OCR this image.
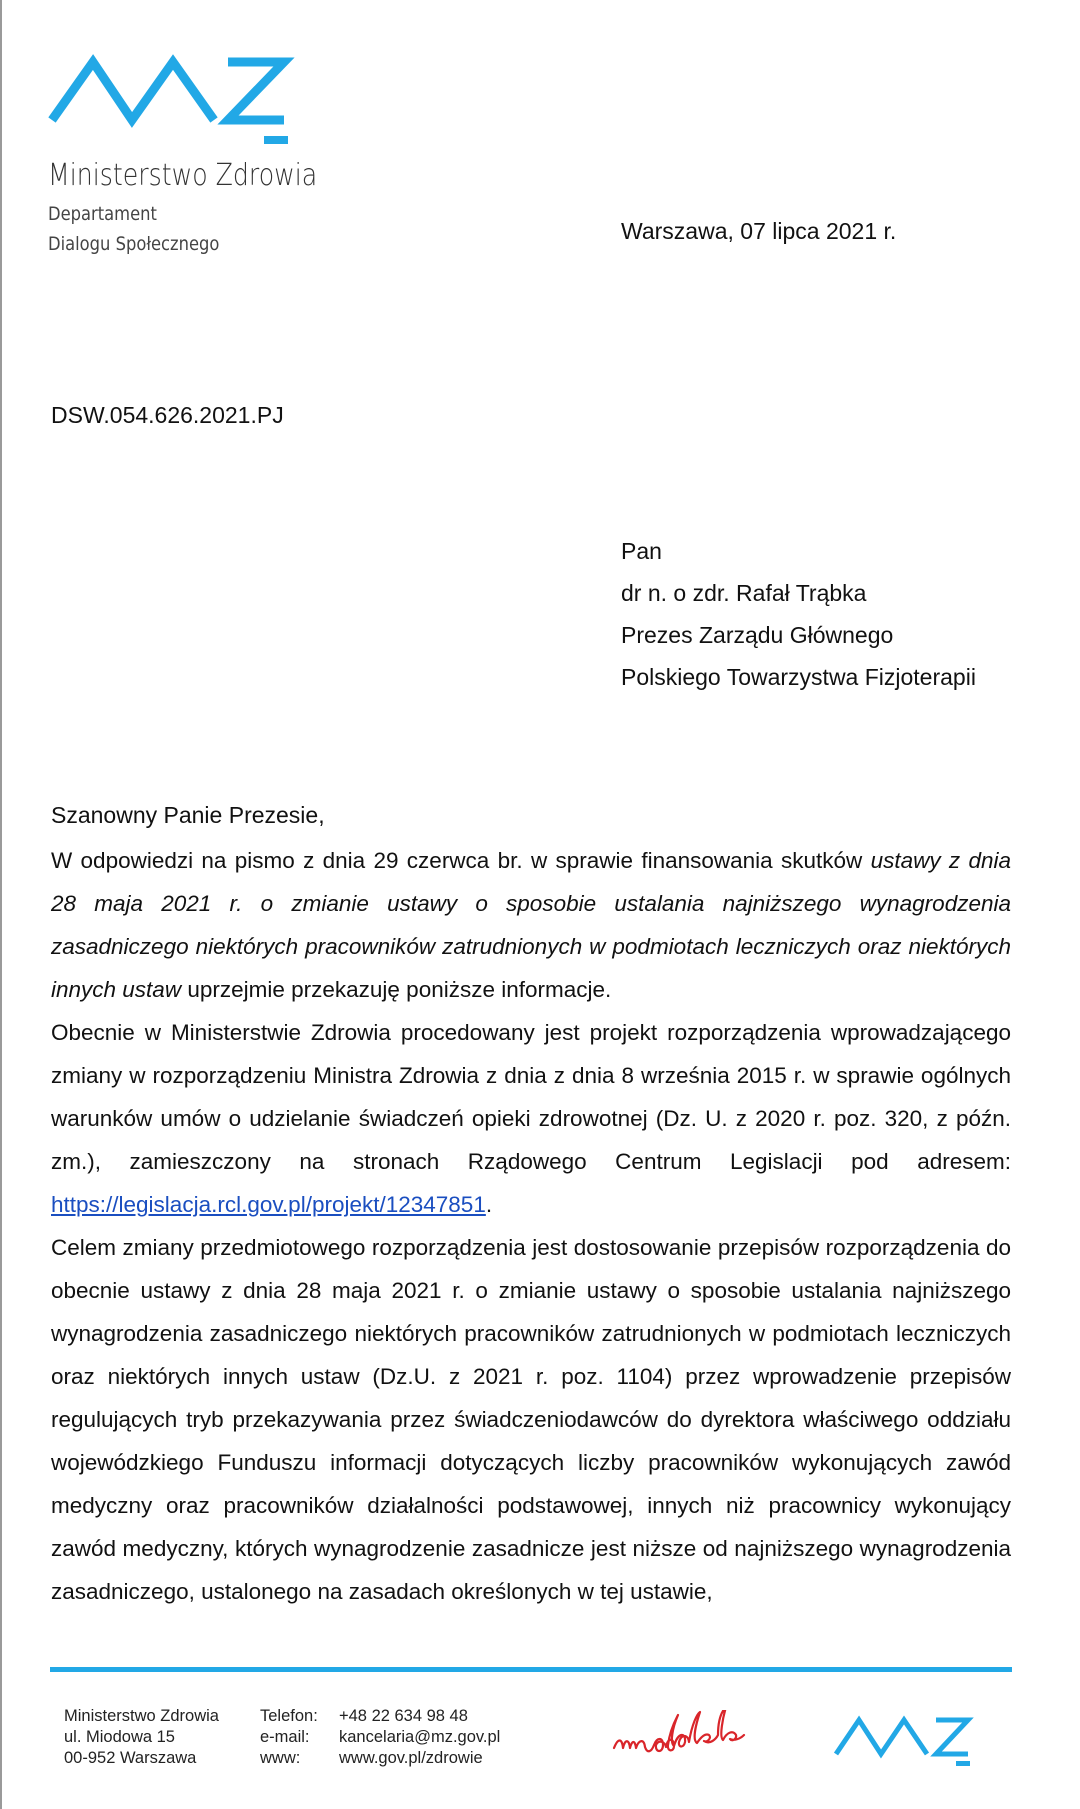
Ministerstwo Zdrowia
Departament
Dialogu Społecznego	Warszawa, 07 lipca 2021 r.
DSW.054.626.2021.PJ
Pan
dr n. o zdr. Rafał Trąbka
Prezes Zarządu Głównego
Polskiego Towarzystwa Fizjoterapii
Szanowny Panie Prezesie,

W odpowiedzi na pismo z dnia 29 czerwca br. w sprawie finansowania skutków ustawy z dnia 28 maja 2021 r. o zmianie ustawy o sposobie ustalania najniższego wynagrodzenia zasadniczego niektórych pracowników zatrudnionych w podmiotach leczniczych oraz niektórych innych ustaw uprzejmie przekazuję poniższe informacje.

Obecnie w Ministerstwie Zdrowia procedowany jest projekt rozporządzenia wprowadzającego zmiany w rozporządzeniu Ministra Zdrowia z dnia z dnia 8 września 2015 r. w sprawie ogólnych warunków umów o udzielanie świadczeń opieki zdrowotnej (Dz. U. z 2020 r. poz. 320, z późn. zm.), zamieszczony na stronach Rządowego Centrum Legislacji pod adresem: https://legislacja.rcl.gov.pl/projekt/12347851.

Celem zmiany przedmiotowego rozporządzenia jest dostosowanie przepisów rozporządzenia do obecnie ustawy z dnia 28 maja 2021 r. o zmianie ustawy o sposobie ustalania najniższego wynagrodzenia zasadniczego niektórych pracowników zatrudnionych w podmiotach leczniczych oraz niektórych innych ustaw (Dz.U. z 2021 r. poz. 1104) przez wprowadzenie przepisów regulujących tryb przekazywania przez świadczeniodawców do dyrektora właściwego oddziału wojewódzkiego Funduszu informacji dotyczących liczby pracowników wykonujących zawód medyczny oraz pracowników działalności podstawowej, innych niż pracownicy wykonujący zawód medyczny, których wynagrodzenie zasadnicze jest niższe od najniższego wynagrodzenia zasadniczego, ustalonego na zasadach określonych w tej ustawie,

Ministerstwo Zdrowia
ul. Miodowa 15
00-952 Warszawa
Telefon:
e-mail:
www:
+48 22 634 98 48
kancelaria@mz.gov.pl
www.gov.pl/zdrowie
